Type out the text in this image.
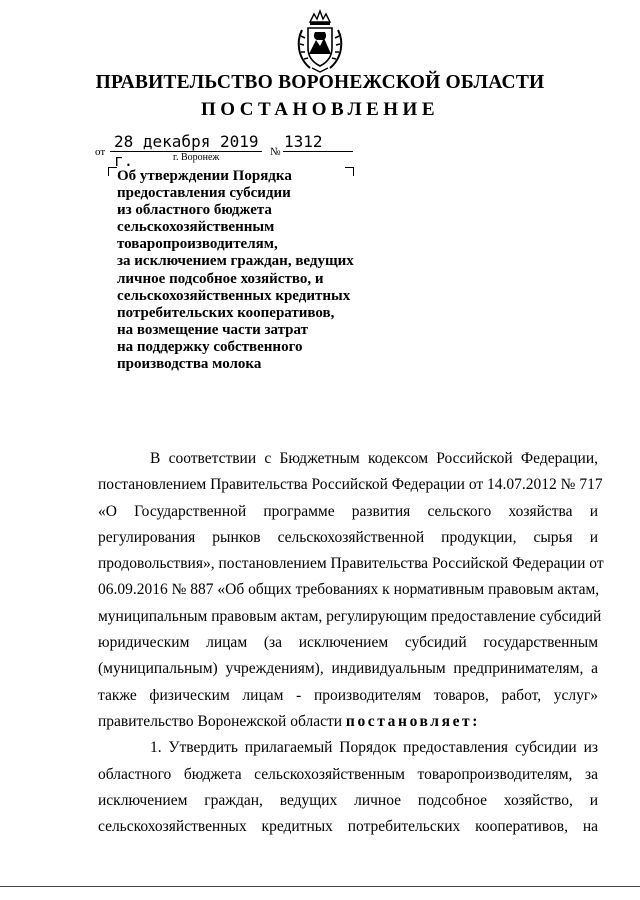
ПРАВИТЕЛЬСТВО ВОРОНЕЖСКОЙ ОБЛАСТИ
ПОСТАНОВЛЕНИЕ
от
28 декабря 2019 г.	№
1312
г. Воронеж
Об утверждении Порядка
предоставления субсидии
из областного бюджета
сельскохозяйственным
товаропроизводителям,
за исключением граждан, ведущих
личное подсобное хозяйство, и
сельскохозяйственных кредитных
потребительских кооперативов,
на возмещение части затрат
на поддержку собственного
производства молока

В соответствии с Бюджетным кодексом Российской Федерации,
постановлением Правительства Российской Федерации от 14.07.2012 № 717
«О Государственной программе развития сельского хозяйства и
регулирования рынков сельскохозяйственной продукции, сырья и
продовольствия», постановлением Правительства Российской Федерации от
06.09.2016 № 887 «Об общих требованиях к нормативным правовым актам,
муниципальным правовым актам, регулирующим предоставление субсидий
юридическим лицам (за исключением субсидий государственным
(муниципальным) учреждениям), индивидуальным предпринимателям, а
также физическим лицам - производителям товаров, работ, услуг»
правительство Воронежской области постановляет:

1. Утвердить прилагаемый Порядок предоставления субсидии из
областного бюджета сельскохозяйственным товаропроизводителям, за
исключением граждан, ведущих личное подсобное хозяйство, и
сельскохозяйственных кредитных потребительских кооперативов, на
